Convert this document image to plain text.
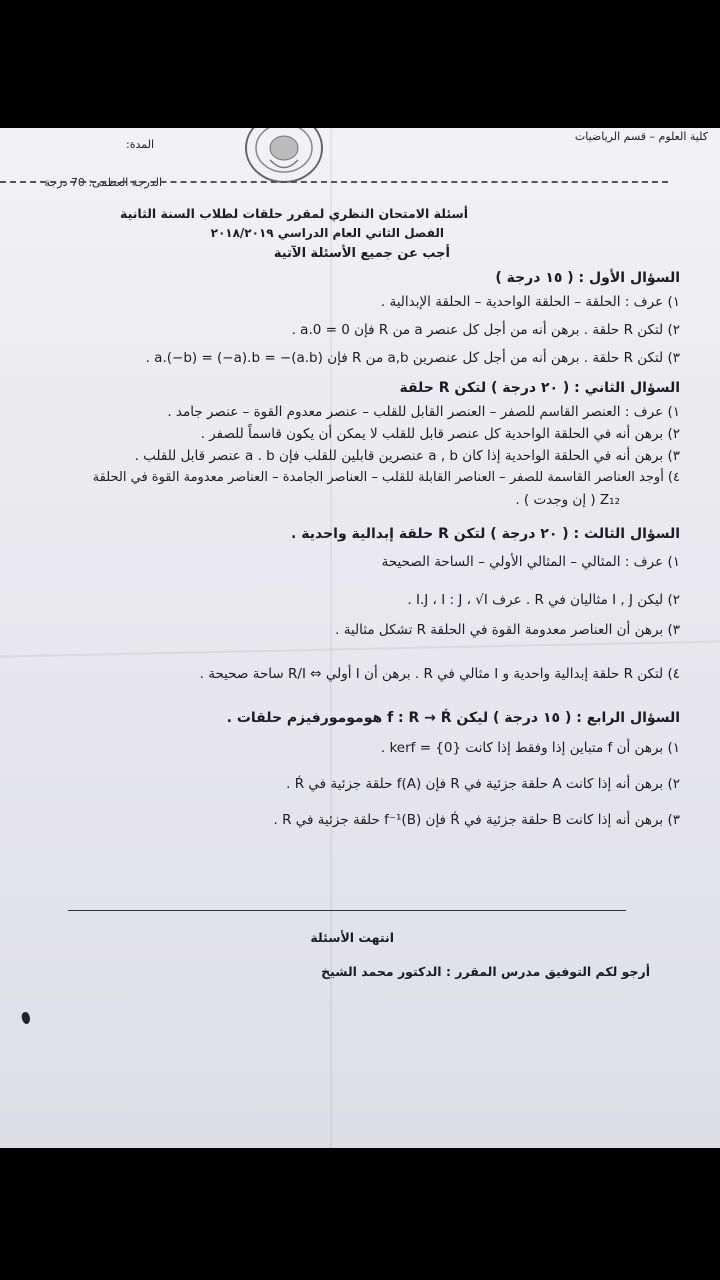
كلية العلوم – قسم الرياضيات
المدة:
الدرجة العظمى: 70 درجة
أسئلة الامتحان النظري لمقرر حلقات لطلاب السنة الثانية
الفصل الثاني العام الدراسي ٢٠١٨/٢٠١٩
أجب عن جميع الأسئلة الآتية
السؤال الأول : ( ١٥ درجة )
١) عرف : الحلقة – الحلقة الواحدية – الحلقة الإبدالية .
٢) لتكن R حلقة . برهن أنه من أجل كل عنصر a من R فإن a.0 = 0 .
٣) لتكن R حلقة . برهن أنه من أجل كل عنصرين a,b من R فإن a.(−b) = (−a).b = −(a.b) .
السؤال الثاني : ( ٢٠ درجة ) لتكن R حلقة
١) عرف : العنصر القاسم للصفر – العنصر القابل للقلب – عنصر معدوم القوة – عنصر جامد .
٢) برهن أنه في الحلقة الواحدية كل عنصر قابل للقلب لا يمكن أن يكون قاسماً للصفر .
٣) برهن أنه في الحلقة الواحدية إذا كان a , b عنصرين قابلين للقلب فإن a . b عنصر قابل للقلب .
٤) أوجد العناصر القاسمة للصفر – العناصر القابلة للقلب – العناصر الجامدة – العناصر معدومة القوة في الحلقة
Z₁₂ ( إن وجدت ) .
السؤال الثالث : ( ٢٠ درجة ) لتكن R حلقة إبدالية واحدية .
١) عرف : المثالي – المثالي الأولي – الساحة الصحيحة
٢) ليكن I , J مثاليان في R . عرف I.J ، I : J ، √I .
٣) برهن أن العناصر معدومة القوة في الحلقة R تشكل مثالية .
٤) لتكن R حلقة إبدالية واحدية و I مثالي في R . برهن أن I أولي ⇔ R/I ساحة صحيحة .
السؤال الرابع : ( ١٥ درجة ) ليكن f : R → Ŕ هومومورفيزم حلقات .
١) برهن أن f متباين إذا وفقط إذا كانت kerf = {0} .
٢) برهن أنه إذا كانت A حلقة جزئية في R فإن f(A) حلقة جزئية في Ŕ .
٣) برهن أنه إذا كانت B حلقة جزئية في Ŕ فإن f⁻¹(B) حلقة جزئية في R .
انتهت الأسئلة
أرجو لكم التوفيق مدرس المقرر : الدكتور محمد الشيخ
